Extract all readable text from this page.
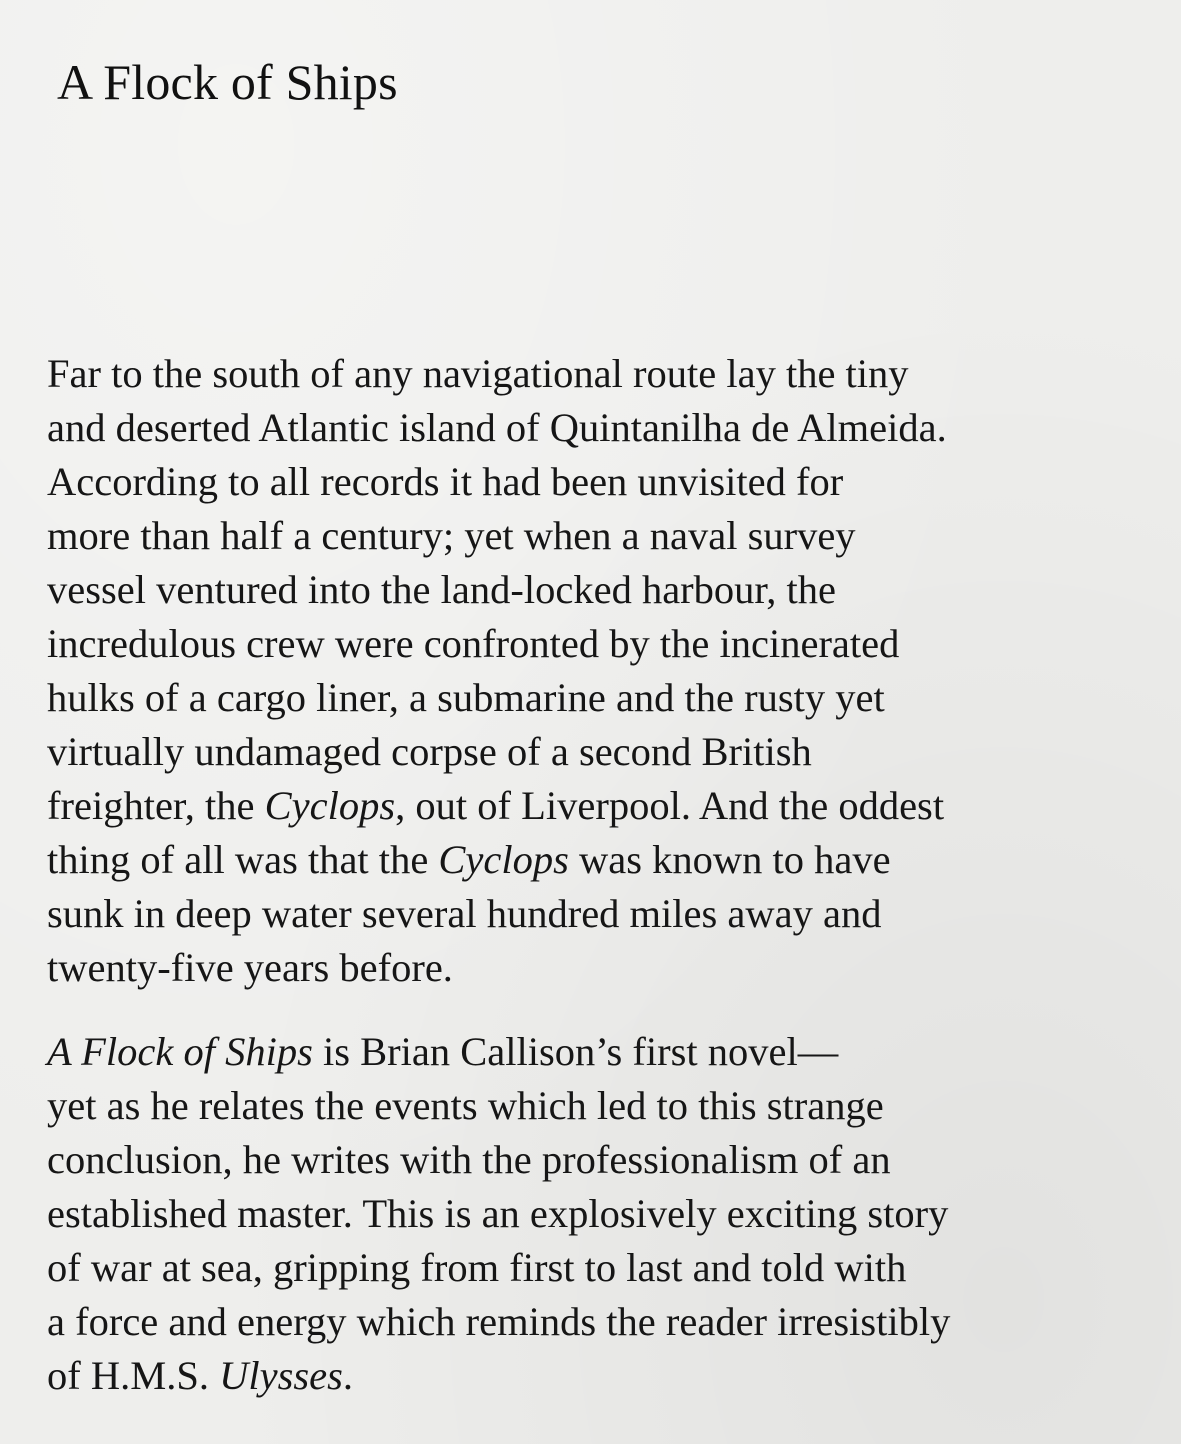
A Flock of Ships
Far to the south of any navigational route lay the tiny
and deserted Atlantic island of Quintanilha de Almeida.
According to all records it had been unvisited for
more than half a century; yet when a naval survey
vessel ventured into the land-locked harbour, the
incredulous crew were confronted by the incinerated
hulks of a cargo liner, a submarine and the rusty yet
virtually undamaged corpse of a second British
freighter, the Cyclops, out of Liverpool. And the oddest
thing of all was that the Cyclops was known to have
sunk in deep water several hundred miles away and
twenty-five years before.
A Flock of Ships is Brian Callison’s first novel—
yet as he relates the events which led to this strange
conclusion, he writes with the professionalism of an
established master. This is an explosively exciting story
of war at sea, gripping from first to last and told with
a force and energy which reminds the reader irresistibly
of H.M.S. Ulysses.
